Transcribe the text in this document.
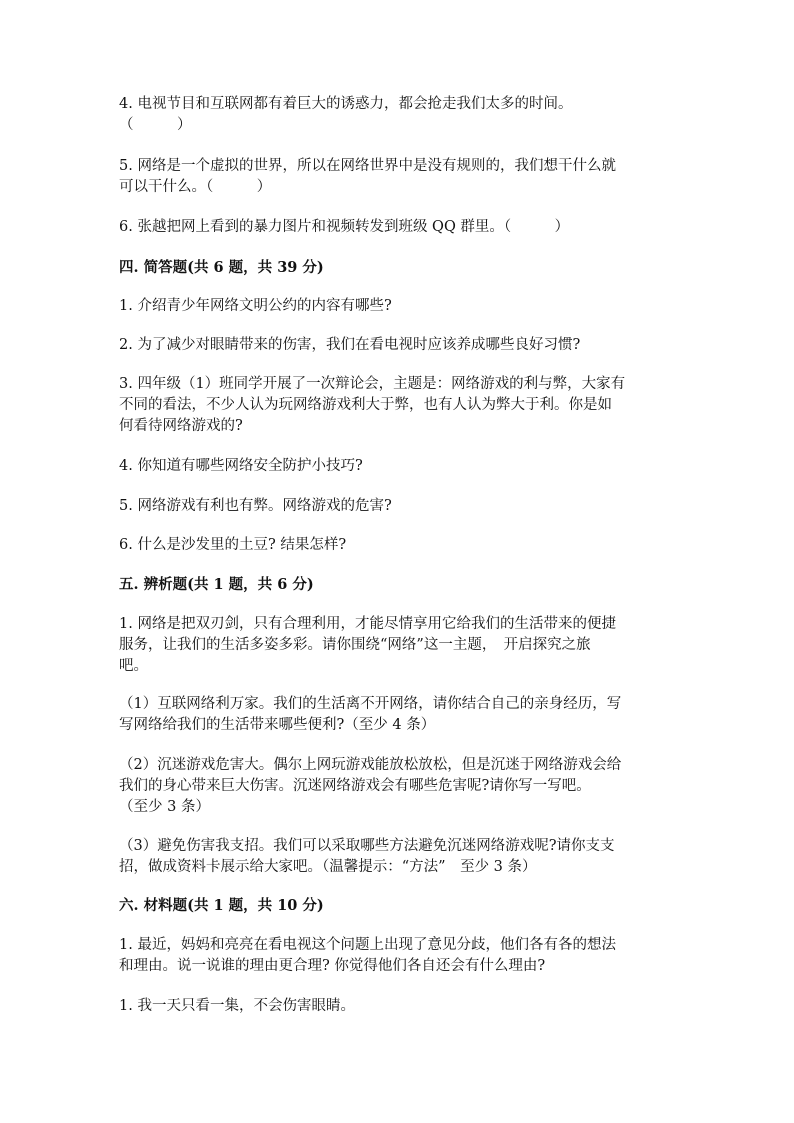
4. 电视节目和互联网都有着巨大的诱惑力，都会抢走我们太多的时间。
（　　　）

5. 网络是一个虚拟的世界，所以在网络世界中是没有规则的，我们想干什么就
可以干什么。（　　　）

6. 张越把网上看到的暴力图片和视频转发到班级 QQ 群里。（　　　）

四. 简答题(共 6 题，共 39 分)

1. 介绍青少年网络文明公约的内容有哪些?

2. 为了减少对眼睛带来的伤害，我们在看电视时应该养成哪些良好习惯?

3. 四年级（1）班同学开展了一次辩论会，主题是：网络游戏的利与弊，大家有
不同的看法，不少人认为玩网络游戏利大于弊，也有人认为弊大于利。你是如
何看待网络游戏的?

4. 你知道有哪些网络安全防护小技巧?

5. 网络游戏有利也有弊。网络游戏的危害?

6. 什么是沙发里的土豆? 结果怎样?

五. 辨析题(共 1 题，共 6 分)

1. 网络是把双刃剑，只有合理利用，才能尽情享用它给我们的生活带来的便捷
服务，让我们的生活多姿多彩。请你围绕“网络”这一主题，　开启探究之旅
吧。

（1）互联网络利万家。我们的生活离不开网络，请你结合自己的亲身经历，写
写网络给我们的生活带来哪些便利?（至少 4 条）

（2）沉迷游戏危害大。偶尔上网玩游戏能放松放松，但是沉迷于网络游戏会给
我们的身心带来巨大伤害。沉迷网络游戏会有哪些危害呢?请你写一写吧。
（至少 3 条）

（3）避免伤害我支招。我们可以采取哪些方法避免沉迷网络游戏呢?请你支支
招，做成资料卡展示给大家吧。（温馨提示：“方法”　至少 3 条）

六. 材料题(共 1 题，共 10 分)

1. 最近，妈妈和亮亮在看电视这个问题上出现了意见分歧，他们各有各的想法
和理由。说一说谁的理由更合理? 你觉得他们各自还会有什么理由?

1. 我一天只看一集，不会伤害眼睛。
